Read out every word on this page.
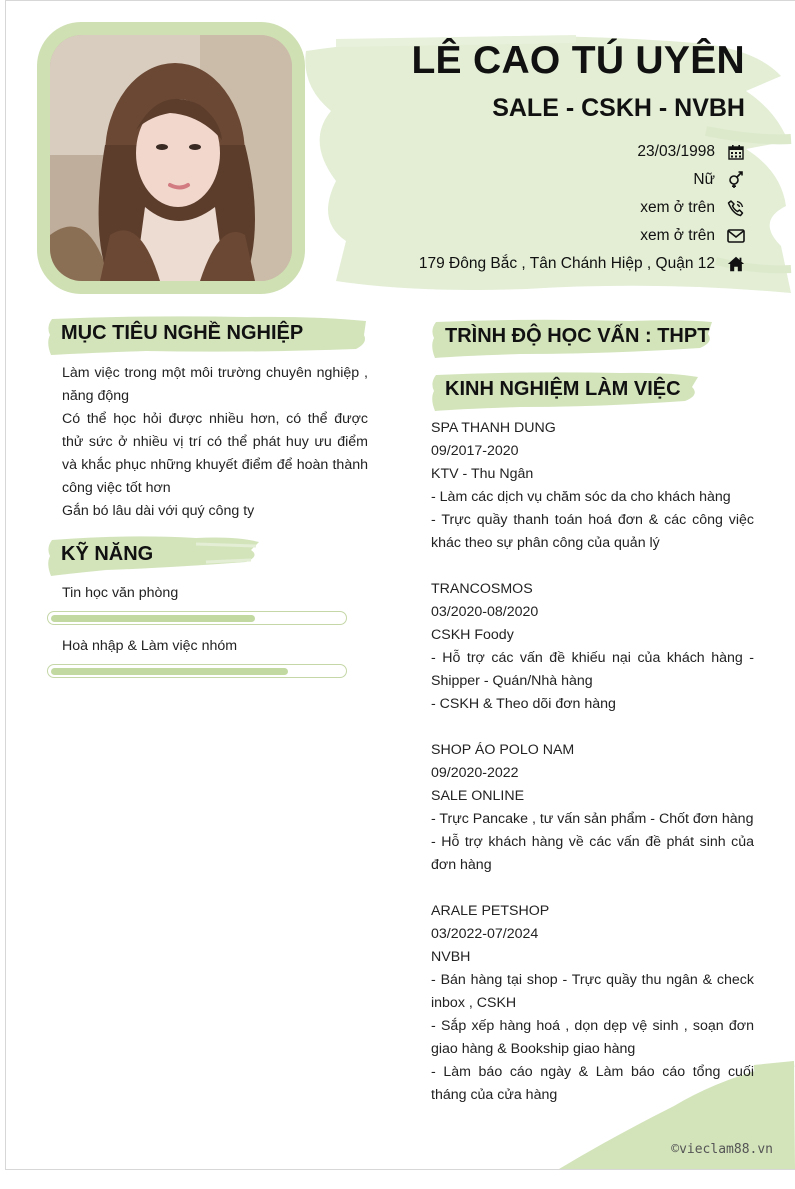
LÊ CAO TÚ UYÊN
SALE - CSKH - NVBH
23/03/1998
Nữ
xem ở trên
xem ở trên
179 Đông Bắc , Tân Chánh Hiệp , Quận 12
MỤC TIÊU NGHỀ NGHIỆP

Làm việc trong một môi trường chuyên nghiệp , năng động

Có thể học hỏi được nhiều hơn, có thể được thử sức ở nhiều vị trí có thể phát huy ưu điểm và khắc phục những khuyết điểm để hoàn thành công việc tốt hơn

Gắn bó lâu dài với quý công ty

KỸ NĂNG
Tin học văn phòng
Hoà nhập & Làm việc nhóm
TRÌNH ĐỘ HỌC VẤN : THPT
KINH NGHIỆM LÀM VIỆC

SPA THANH DUNG

09/2017-2020

KTV - Thu Ngân

- Làm các dịch vụ chăm sóc da cho khách hàng

- Trực quầy thanh toán hoá đơn & các công việc khác theo sự phân công của quản lý

TRANCOSMOS

03/2020-08/2020

CSKH Foody

- Hỗ trợ các vấn đề khiếu nại của khách hàng - Shipper - Quán/Nhà hàng

- CSKH & Theo dõi đơn hàng

SHOP ÁO POLO NAM

09/2020-2022

SALE ONLINE

- Trực Pancake , tư vấn sản phẩm - Chốt đơn hàng

- Hỗ trợ khách hàng về các vấn đề phát sinh của đơn hàng

ARALE PETSHOP

03/2022-07/2024

NVBH

- Bán hàng tại shop - Trực quầy thu ngân & check inbox , CSKH

- Sắp xếp hàng hoá , dọn dẹp vệ sinh , soạn đơn giao hàng & Bookship giao hàng

- Làm báo cáo ngày & Làm báo cáo tổng cuối tháng của cửa hàng

©vieclam88.vn
